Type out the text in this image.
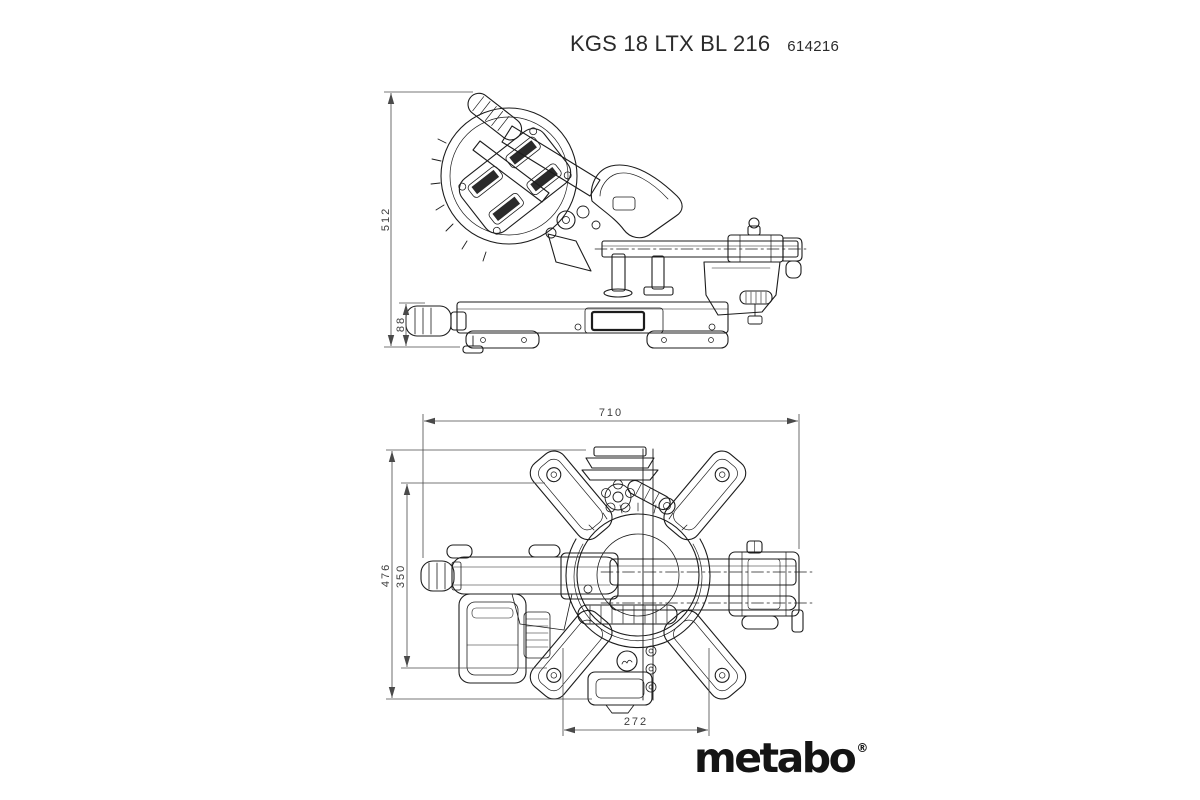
KGS 18 LTX BL 216 614216
512
88
710
476 350
272
metabo ®
